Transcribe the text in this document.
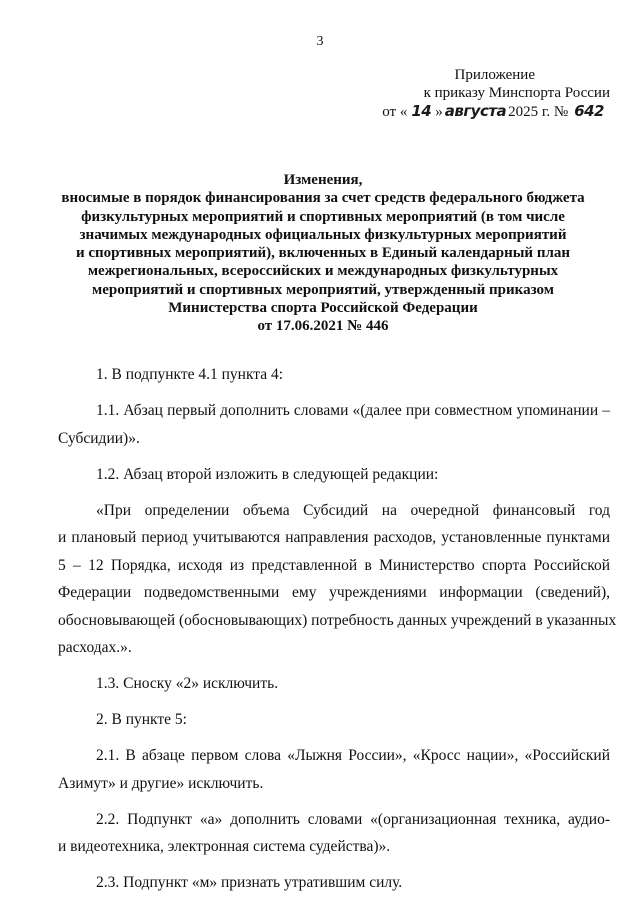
3
Приложение
к приказу Минспорта России
от « 14 » августа 2025 г. № 642
Изменения,
вносимые в порядок финансирования за счет средств федерального бюджета
физкультурных мероприятий и спортивных мероприятий (в том числе
значимых международных официальных физкультурных мероприятий
и спортивных мероприятий), включенных в Единый календарный план
межрегиональных, всероссийских и международных физкультурных
мероприятий и спортивных мероприятий, утвержденный приказом
Министерства спорта Российской Федерации
от 17.06.2021 № 446

1. В подпункте 4.1 пункта 4:

1.1. Абзац первый дополнить словами «(далее при совместном упоминании –
Субсидии)».

1.2. Абзац второй изложить в следующей редакции:

«При определении объема Субсидий на очередной финансовый год
и плановый период учитываются направления расходов, установленные пунктами
5 – 12 Порядка, исходя из представленной в Министерство спорта Российской
Федерации подведомственными ему учреждениями информации (сведений),
обосновывающей (обосновывающих) потребность данных учреждений в указанных
расходах.».

1.3. Сноску «2» исключить.

2. В пункте 5:

2.1. В абзаце первом слова «Лыжня России», «Кросс нации», «Российский
Азимут» и другие» исключить.

2.2. Подпункт «а» дополнить словами «(организационная техника, аудио-
и видеотехника, электронная система судейства)».

2.3. Подпункт «м» признать утратившим силу.
